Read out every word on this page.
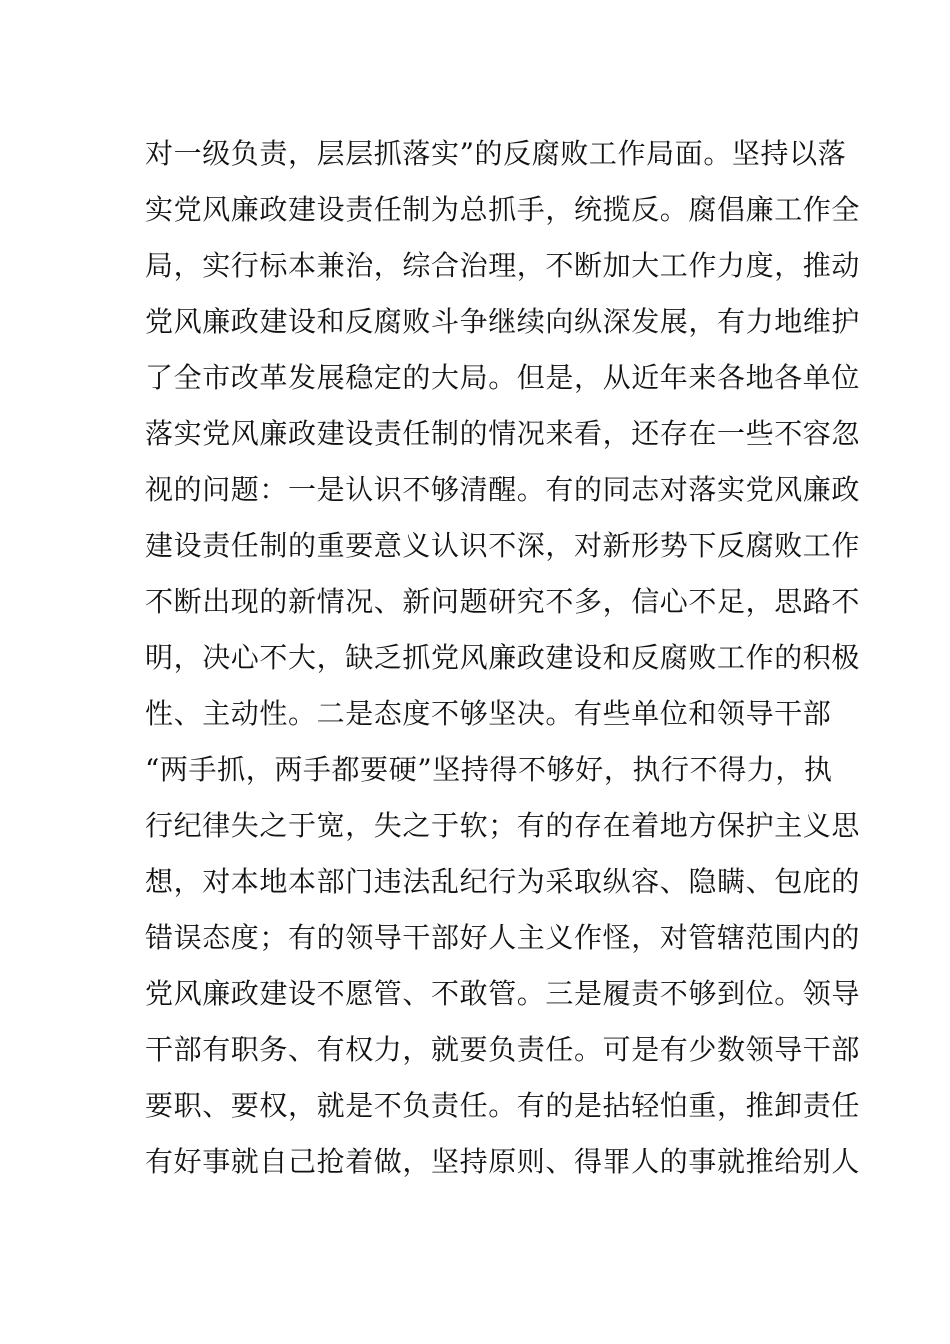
对一级负责，层层抓落实”的反腐败工作局面。坚持以落
实党风廉政建设责任制为总抓手，统揽反。腐倡廉工作全
局，实行标本兼治，综合治理，不断加大工作力度，推动
党风廉政建设和反腐败斗争继续向纵深发展，有力地维护
了全市改革发展稳定的大局。但是，从近年来各地各单位
落实党风廉政建设责任制的情况来看，还存在一些不容忽
视的问题：一是认识不够清醒。有的同志对落实党风廉政
建设责任制的重要意义认识不深，对新形势下反腐败工作
不断出现的新情况、新问题研究不多，信心不足，思路不
明，决心不大，缺乏抓党风廉政建设和反腐败工作的积极
性、主动性。二是态度不够坚决。有些单位和领导干部
“两手抓，两手都要硬”坚持得不够好，执行不得力，执
行纪律失之于宽，失之于软；有的存在着地方保护主义思
想，对本地本部门违法乱纪行为采取纵容、隐瞒、包庇的
错误态度；有的领导干部好人主义作怪，对管辖范围内的
党风廉政建设不愿管、不敢管。三是履责不够到位。领导
干部有职务、有权力，就要负责任。可是有少数领导干部
要职、要权，就是不负责任。有的是拈轻怕重，推卸责任
有好事就自己抢着做，坚持原则、得罪人的事就推给别人
